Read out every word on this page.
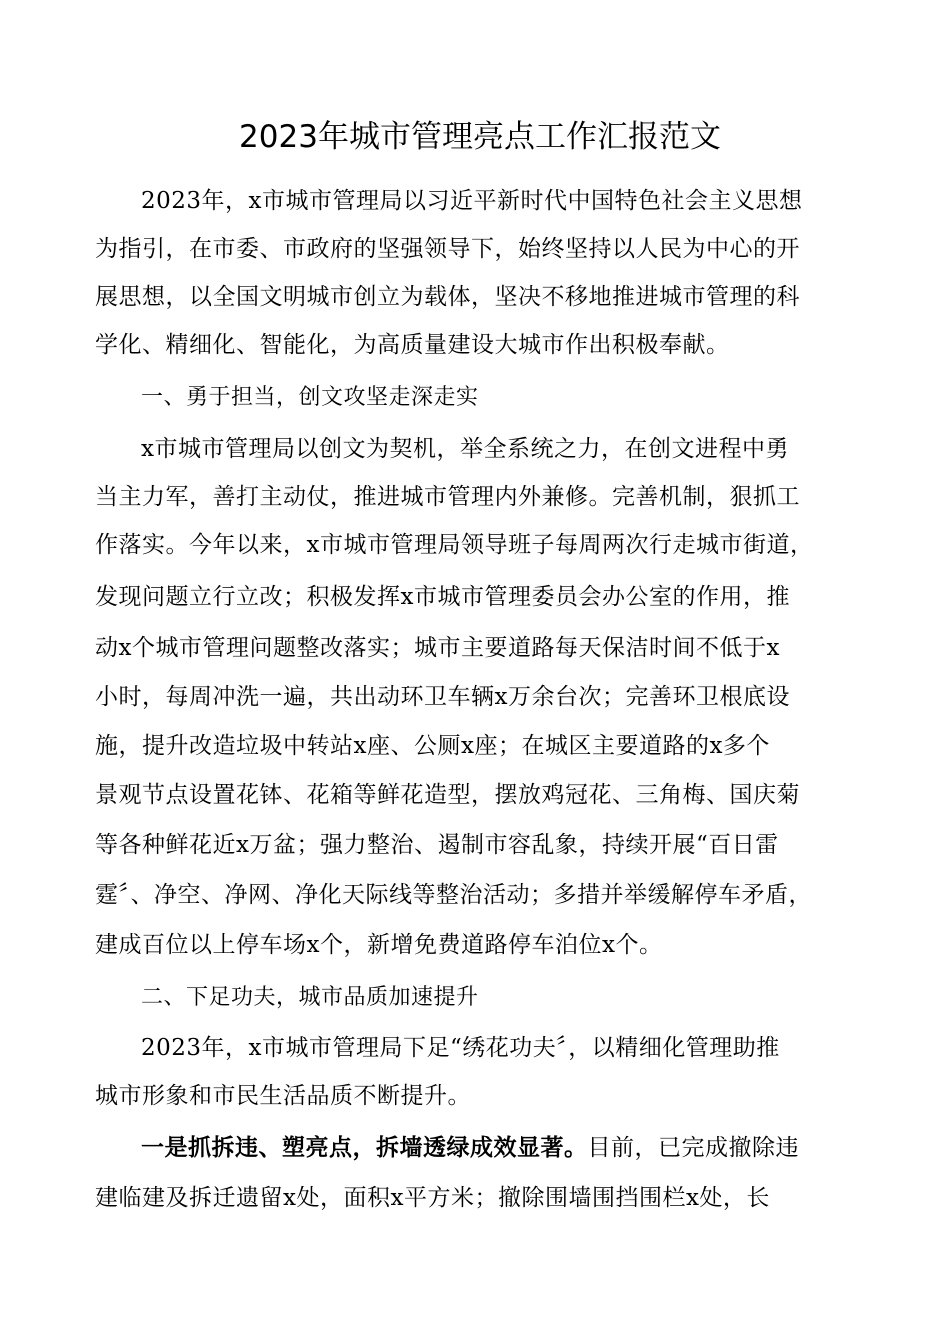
2023年城市管理亮点工作汇报范文

2023年，x市城市管理局以习近平新时代中国特色社会主义思想

为指引，在市委、市政府的坚强领导下，始终坚持以人民为中心的开

展思想，以全国文明城市创立为载体，坚决不移地推进城市管理的科

学化、精细化、智能化，为高质量建设大城市作出积极奉献。

一、勇于担当，创文攻坚走深走实

x市城市管理局以创文为契机，举全系统之力，在创文进程中勇

当主力军，善打主动仗，推进城市管理内外兼修。完善机制，狠抓工

作落实。今年以来，x市城市管理局领导班子每周两次行走城市街道，

发现问题立行立改；积极发挥x市城市管理委员会办公室的作用，推

动x个城市管理问题整改落实；城市主要道路每天保洁时间不低于x

小时，每周冲洗一遍，共出动环卫车辆x万余台次；完善环卫根底设

施，提升改造垃圾中转站x座、公厕x座；在城区主要道路的x多个

景观节点设置花钵、花箱等鲜花造型，摆放鸡冠花、三角梅、国庆菊

等各种鲜花近x万盆；强力整治、遏制市容乱象，持续开展“百日雷

霆〞、净空、净网、净化天际线等整治活动；多措并举缓解停车矛盾，

建成百位以上停车场x个，新增免费道路停车泊位x个。

二、下足功夫，城市品质加速提升

2023年，x市城市管理局下足“绣花功夫〞，以精细化管理助推

城市形象和市民生活品质不断提升。

一是抓拆违、塑亮点，拆墙透绿成效显著。目前，已完成撤除违

建临建及拆迁遗留x处，面积x平方米；撤除围墙围挡围栏x处，长
